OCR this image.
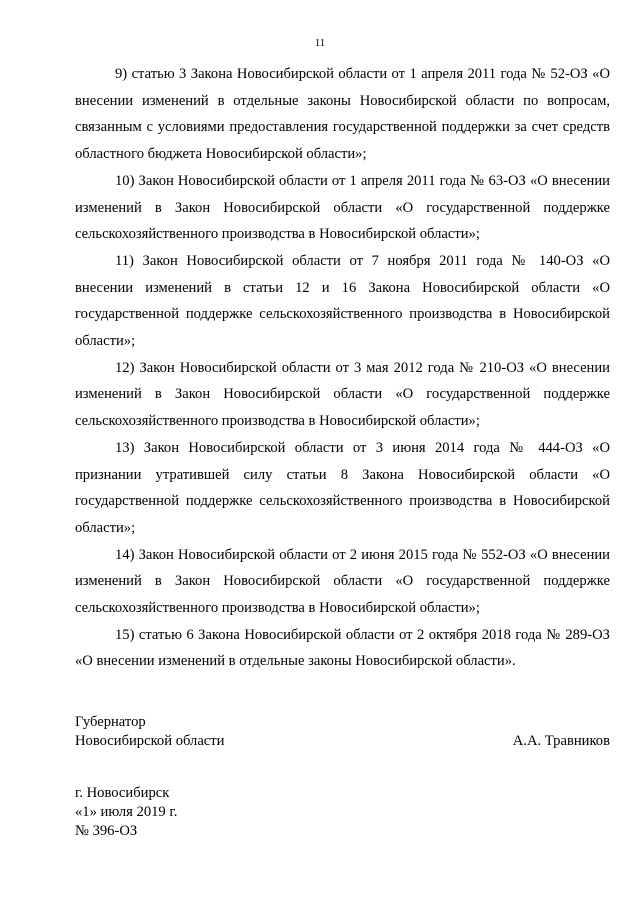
11

9) статью 3 Закона Новосибирской области от 1 апреля 2011 года № 52-ОЗ «О внесении изменений в отдельные законы Новосибирской области по вопросам, связанным с условиями предоставления государственной поддержки за счет средств областного бюджета Новосибирской области»;

10) Закон Новосибирской области от 1 апреля 2011 года № 63-ОЗ «О внесении изменений в Закон Новосибирской области «О государственной поддержке сельскохозяйственного производства в Новосибирской области»;

11) Закон Новосибирской области от 7 ноября 2011 года № 140-ОЗ «О внесении изменений в статьи 12 и 16 Закона Новосибирской области «О государственной поддержке сельскохозяйственного производства в Новосибирской области»;

12) Закон Новосибирской области от 3 мая 2012 года № 210-ОЗ «О внесении изменений в Закон Новосибирской области «О государственной поддержке сельскохозяйственного производства в Новосибирской области»;

13) Закон Новосибирской области от 3 июня 2014 года № 444-ОЗ «О признании утратившей силу статьи 8 Закона Новосибирской области «О государственной поддержке сельскохозяйственного производства в Новосибирской области»;

14) Закон Новосибирской области от 2 июня 2015 года № 552-ОЗ «О внесении изменений в Закон Новосибирской области «О государственной поддержке сельскохозяйственного производства в Новосибирской области»;

15) статью 6 Закона Новосибирской области от 2 октября 2018 года № 289-ОЗ «О внесении изменений в отдельные законы Новосибирской области».

Губернатор
Новосибирской области	А.А. Травников
г. Новосибирск
«1» июля 2019 г.
№ 396-ОЗ
